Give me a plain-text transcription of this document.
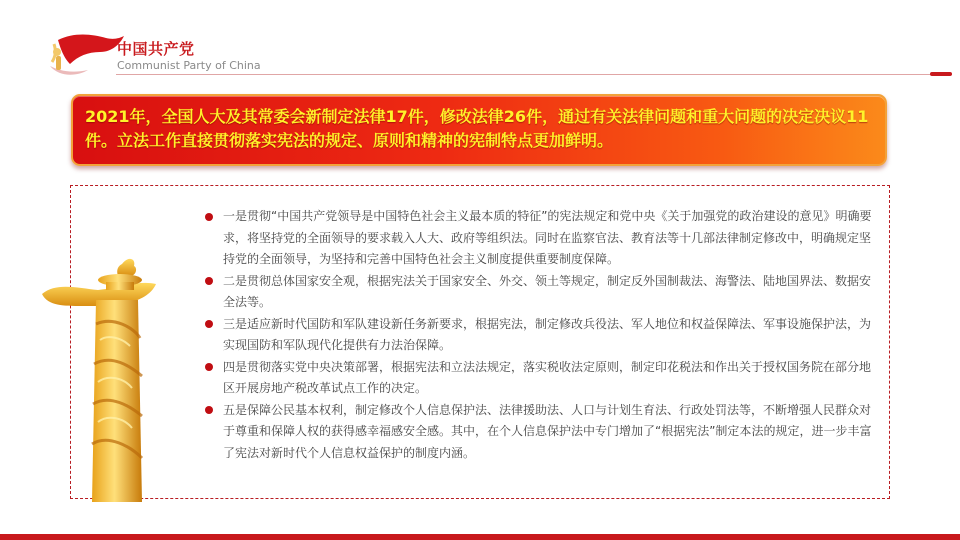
中国共产党
Communist Party of China

2021年，全国人大及其常委会新制定法律17件，修改法律26件，通过有关法律问题和重大问题的决定决议11件。立法工作直接贯彻落实宪法的规定、原则和精神的宪制特点更加鲜明。

一是贯彻“中国共产党领导是中国特色社会主义最本质的特征”的宪法规定和党中央《关于加强党的政治建设的意见》明确要求，将坚持党的全面领导的要求载入人大、政府等组织法。同时在监察官法、教育法等十几部法律制定修改中，明确规定坚持党的全面领导，为坚持和完善中国特色社会主义制度提供重要制度保障。
二是贯彻总体国家安全观，根据宪法关于国家安全、外交、领土等规定，制定反外国制裁法、海警法、陆地国界法、数据安全法等。
三是适应新时代国防和军队建设新任务新要求，根据宪法，制定修改兵役法、军人地位和权益保障法、军事设施保护法，为实现国防和军队现代化提供有力法治保障。
四是贯彻落实党中央决策部署，根据宪法和立法法规定，落实税收法定原则，制定印花税法和作出关于授权国务院在部分地区开展房地产税改革试点工作的决定。
五是保障公民基本权利，制定修改个人信息保护法、法律援助法、人口与计划生育法、行政处罚法等，不断增强人民群众对于尊重和保障人权的获得感幸福感安全感。其中，在个人信息保护法中专门增加了“根据宪法”制定本法的规定，进一步丰富了宪法对新时代个人信息权益保护的制度内涵。
